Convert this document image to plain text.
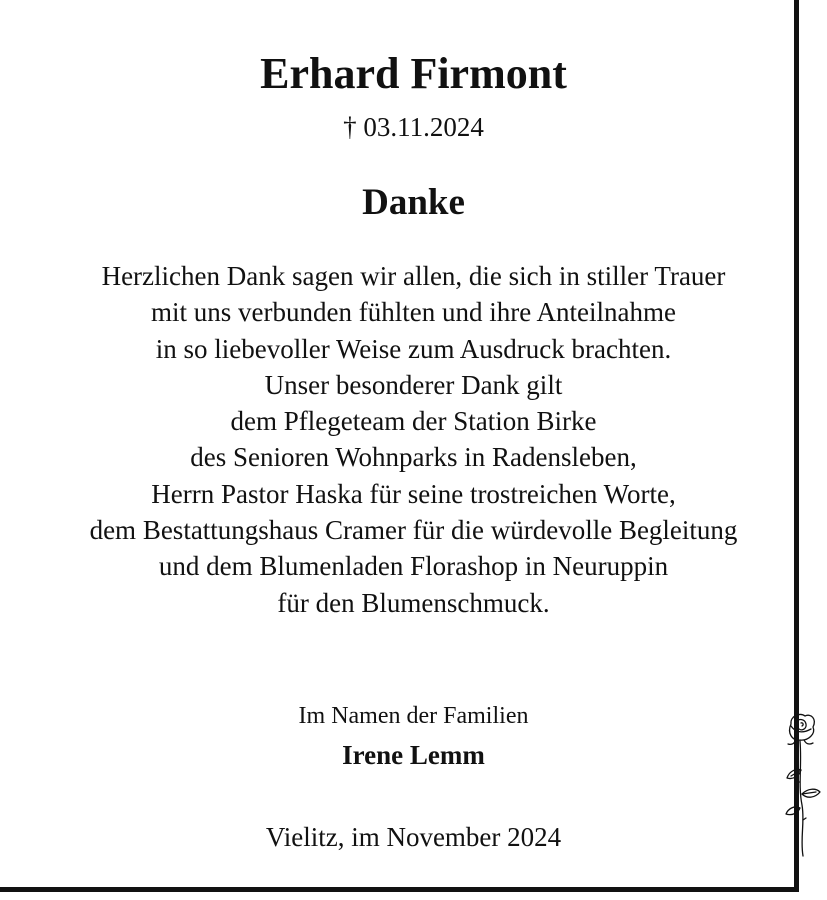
Erhard Firmont
† 03.11.2024
Danke
Herzlichen Dank sagen wir allen, die sich in stiller Trauer
mit uns verbunden fühlten und ihre Anteilnahme
in so liebevoller Weise zum Ausdruck brachten.
Unser besonderer Dank gilt
dem Pflegeteam der Station Birke
des Senioren Wohnparks in Radensleben,
Herrn Pastor Haska für seine trostreichen Worte,
dem Bestattungshaus Cramer für die würdevolle Begleitung
und dem Blumenladen Florashop in Neuruppin
für den Blumenschmuck.
Im Namen der Familien
Irene Lemm
Vielitz, im November 2024
